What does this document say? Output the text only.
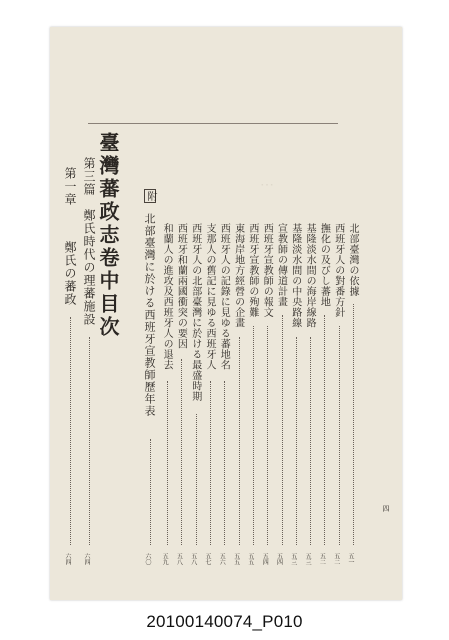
⋯
四
北部臺灣の依據
五一
西班牙人の對番方針
五二
撫化の及びし蕃地
五二
基隆淡水間の海岸線路
五三
基隆淡水間の中央路線
五三
宣教師の傳道計畫
五四
西班牙宣教師の報文
五四
西班牙宣教師の殉難
五五
東海岸地方經營の企畫
五五
西班牙人の記錄に見ゆる蕃地名
五六
支那人の舊記に見ゆる西班牙人
五七
西班牙人の北部臺灣に於ける最盛時期
五八
西班牙和蘭兩國衝突の要因
五八
和蘭人の進攻及西班牙人の退去
五九
附
北部臺灣に於ける西班牙宣教師歷年表
六〇
臺灣蕃政志卷中目次
第三篇
鄭氏時代の理蕃施設
六四
第一章
鄭氏の蕃政
六四
20100140074_P010
